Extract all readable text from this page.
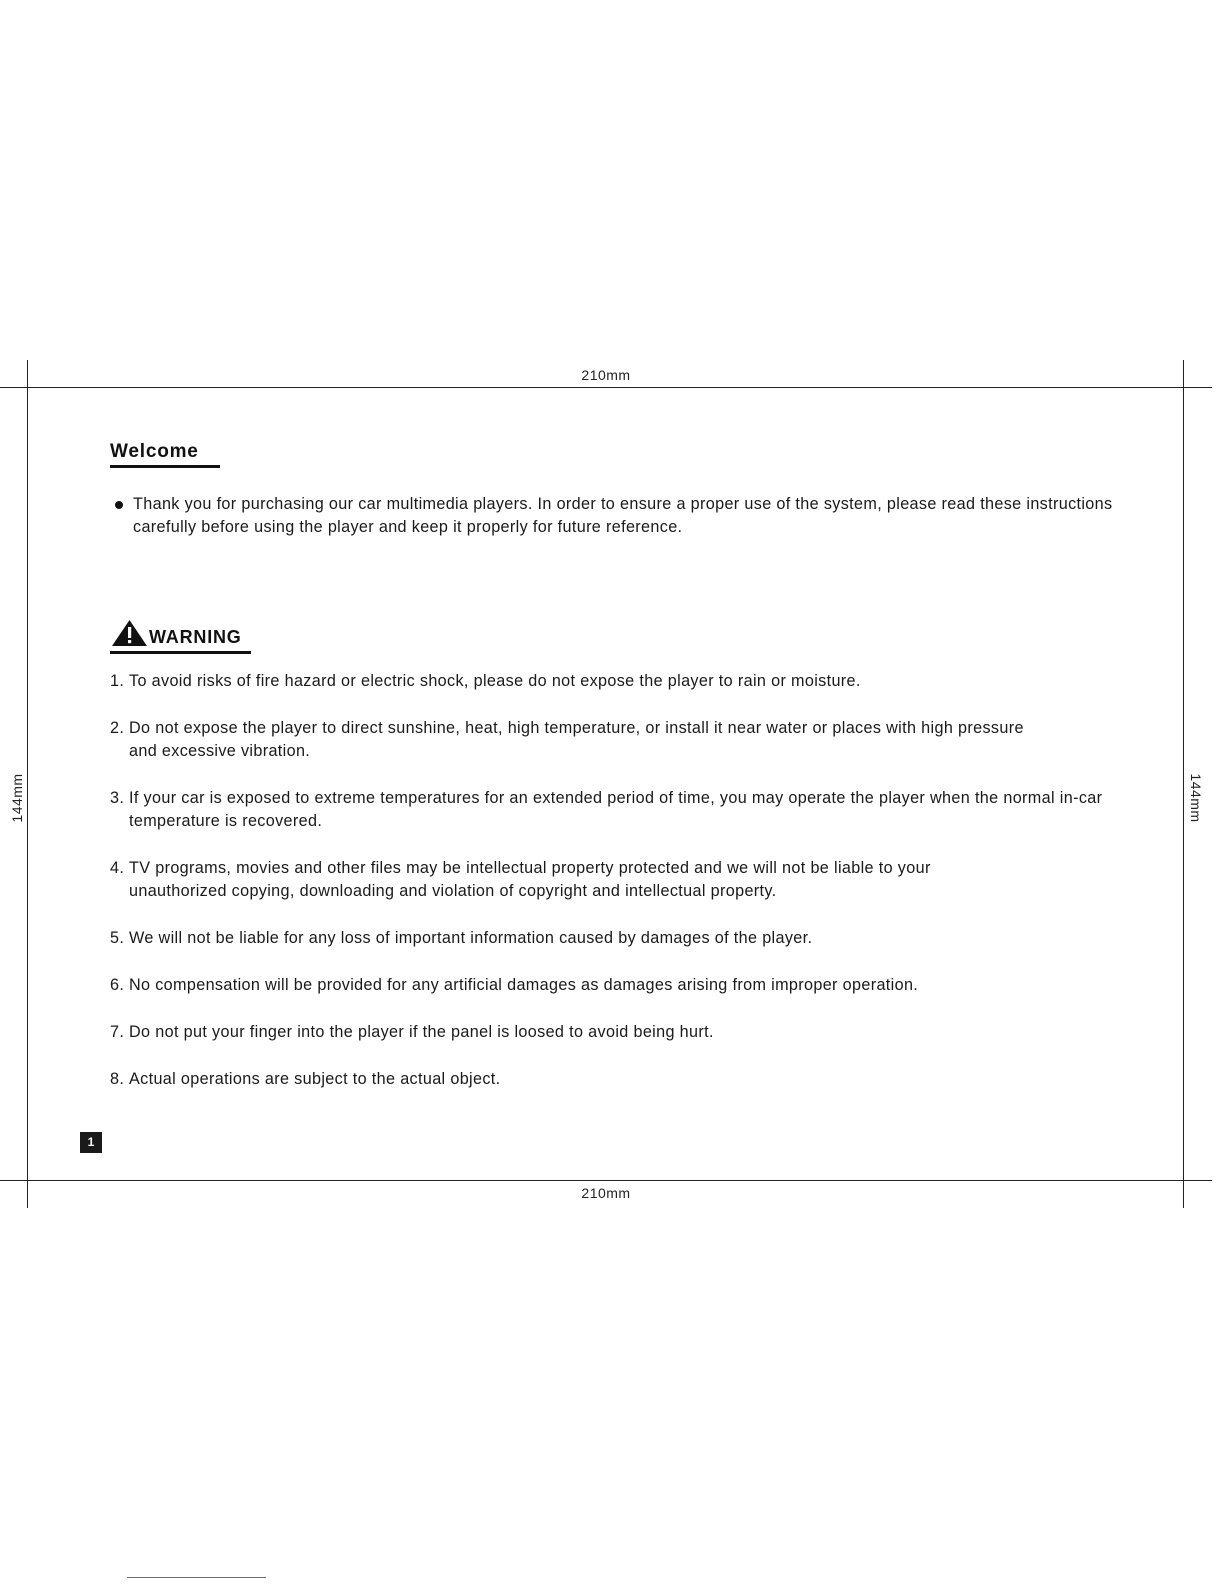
210mm
210mm
144mm	144mm
Welcome
Thank you for purchasing our car multimedia players. In order to ensure a proper use of the system, please read these instructions carefully before using the player and keep it properly for future reference.
WARNING
1. To avoid risks of fire hazard or electric shock, please do not expose the player to rain or moisture.
2. Do not expose the player to direct sunshine, heat, high temperature, or install it near water or places with high pressure and excessive vibration.
3. If your car is exposed to extreme temperatures for an extended period of time, you may operate the player when the normal in-car temperature is recovered.
4. TV programs, movies and other files may be intellectual property protected and we will not be liable to your unauthorized copying, downloading and violation of copyright and intellectual property.
5. We will not be liable for any loss of important information caused by damages of the player.
6. No compensation will be provided for any artificial damages as damages arising from improper operation.
7. Do not put your finger into the player if the panel is loosed to avoid being hurt.
8. Actual operations are subject to the actual object.
1
